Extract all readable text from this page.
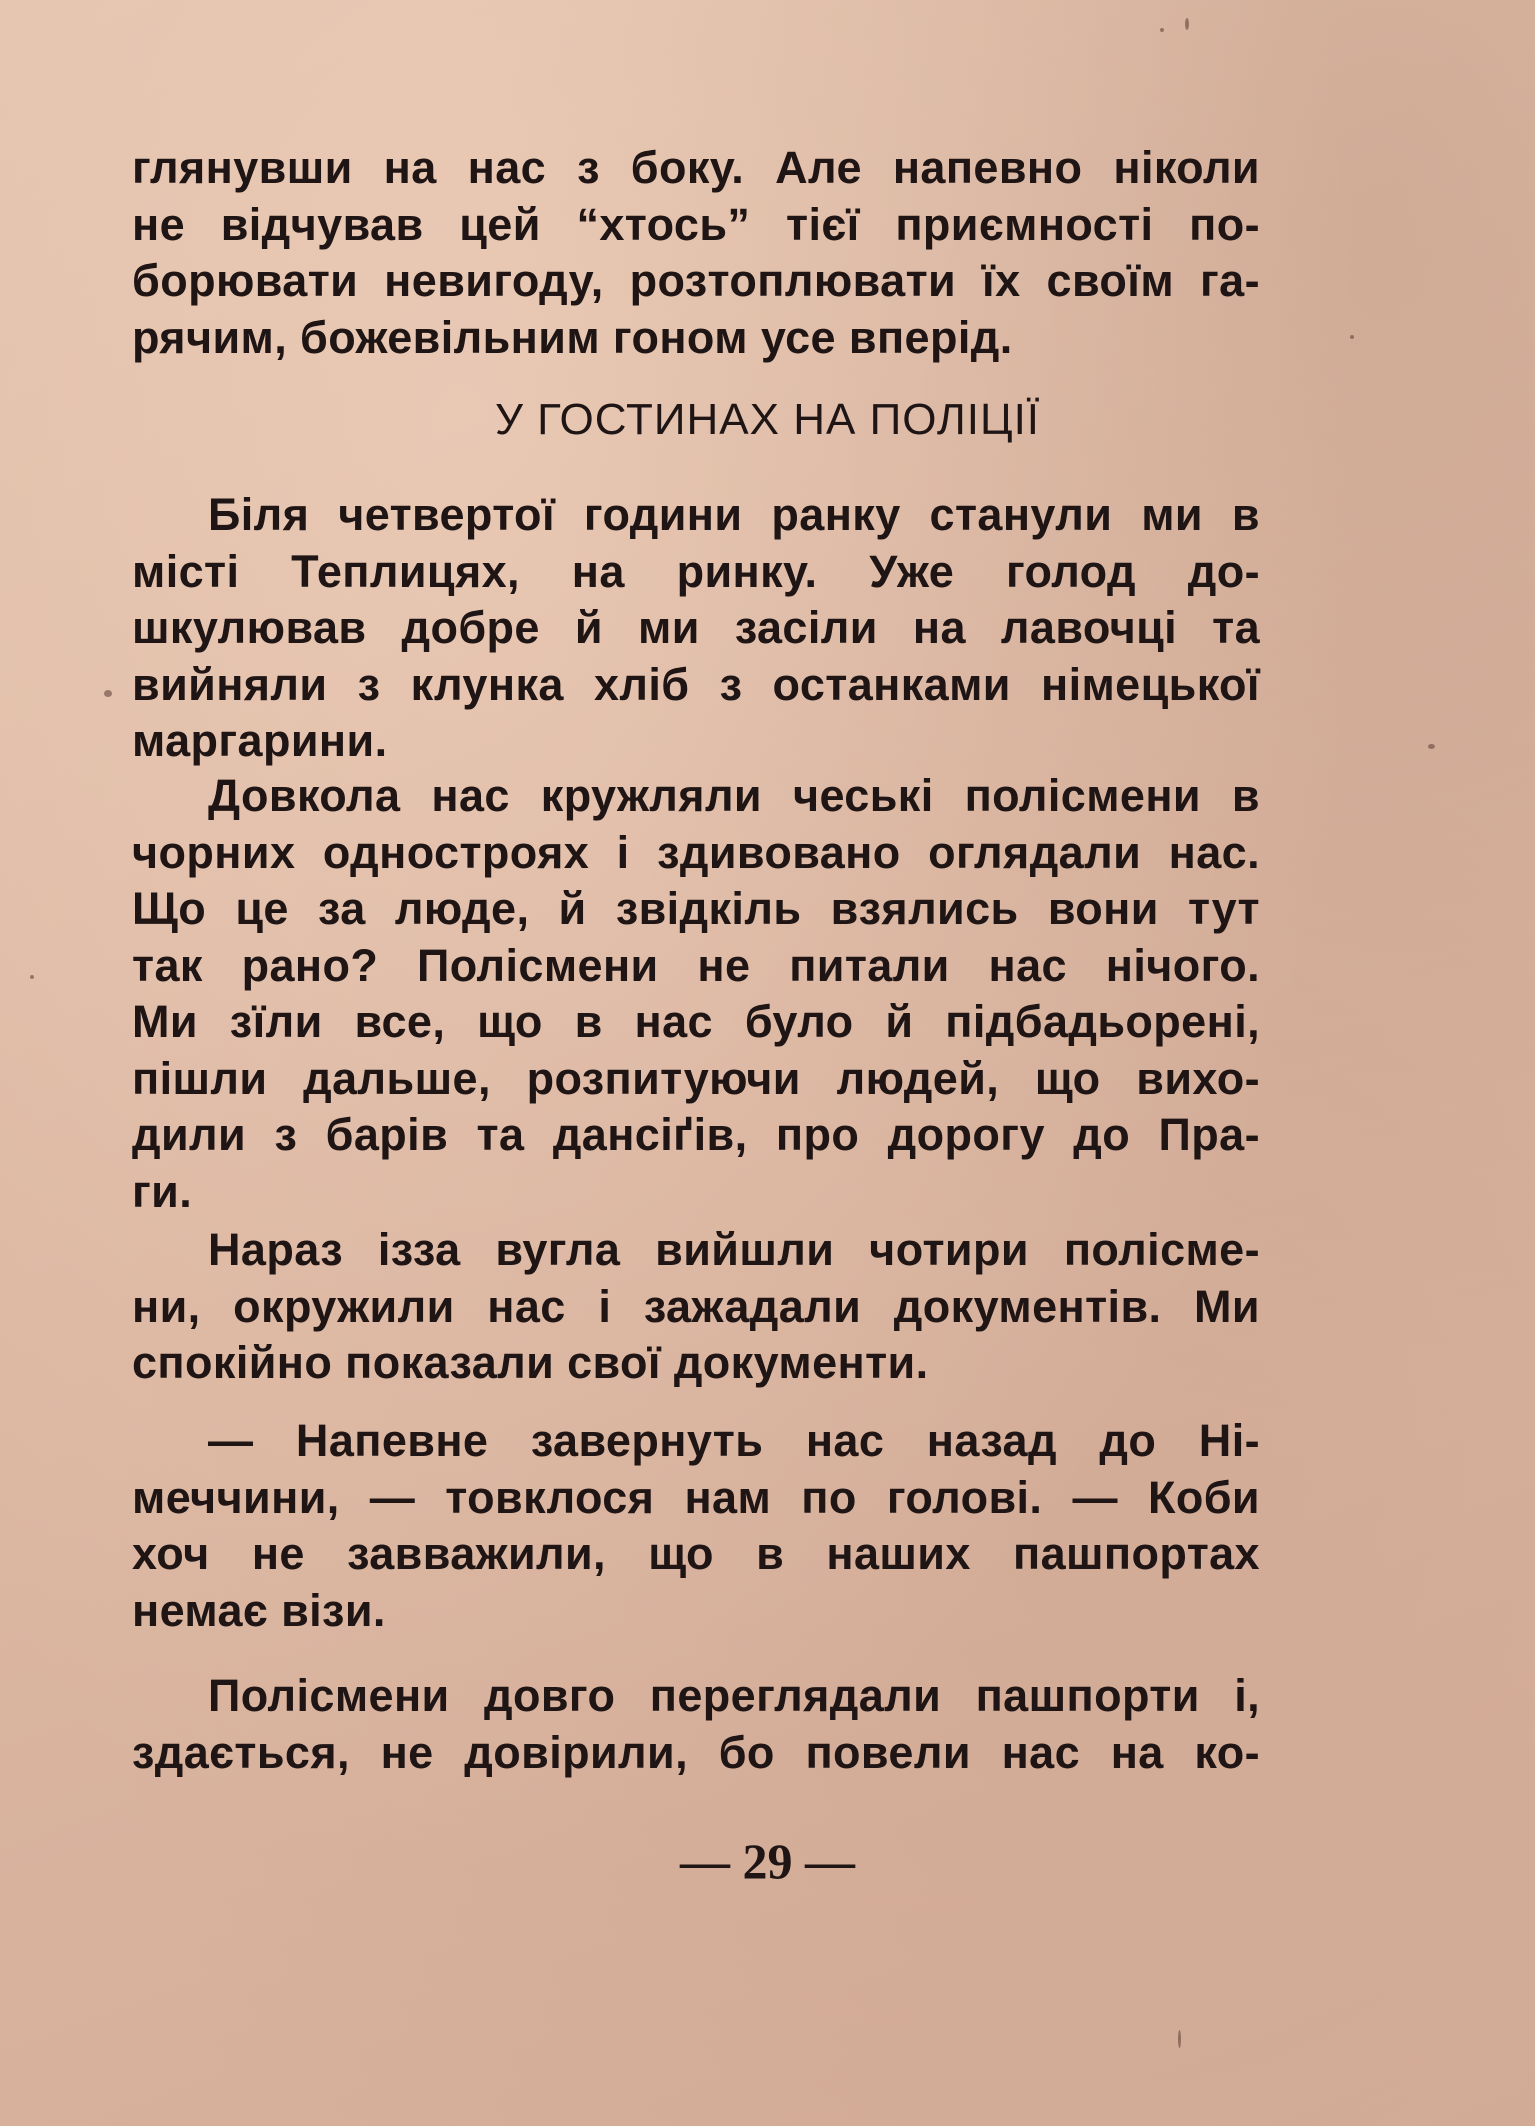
глянувши на нас з боку. Але напевно ніколи
не відчував цей “хтось” тієї приємності по-
борювати невигоду, розтоплювати їх своїм га-
рячим, божевільним гоном усе вперід.
У ГОСТИНАХ НА ПОЛІЦІЇ
Біля четвертої години ранку станули ми в
місті Теплицях, на ринку. Уже голод до-
шкулював добре й ми засіли на лавочці та
вийняли з клунка хліб з останками німецької
маргарини.
Довкола нас кружляли чеські полісмени в
чорних одностроях і здивовано оглядали нас.
Що це за люде, й звідкіль взялись вони тут
так рано? Полісмени не питали нас нічого.
Ми зїли все, що в нас було й підбадьорені,
пішли дальше, розпитуючи людей, що вихо-
дили з барів та дансіґів, про дорогу до Пра-
ги.
Нараз ізза вугла вийшли чотири полісме-
ни, окружили нас і зажадали документів. Ми
спокійно показали свої документи.
— Напевне завернуть нас назад до Ні-
меччини, — товклося нам по голові. — Коби
хоч не завважили, що в наших пашпортах
немає візи.
Полісмени довго переглядали пашпорти і,
здається, не довірили, бо повели нас на ко-
— 29 —
